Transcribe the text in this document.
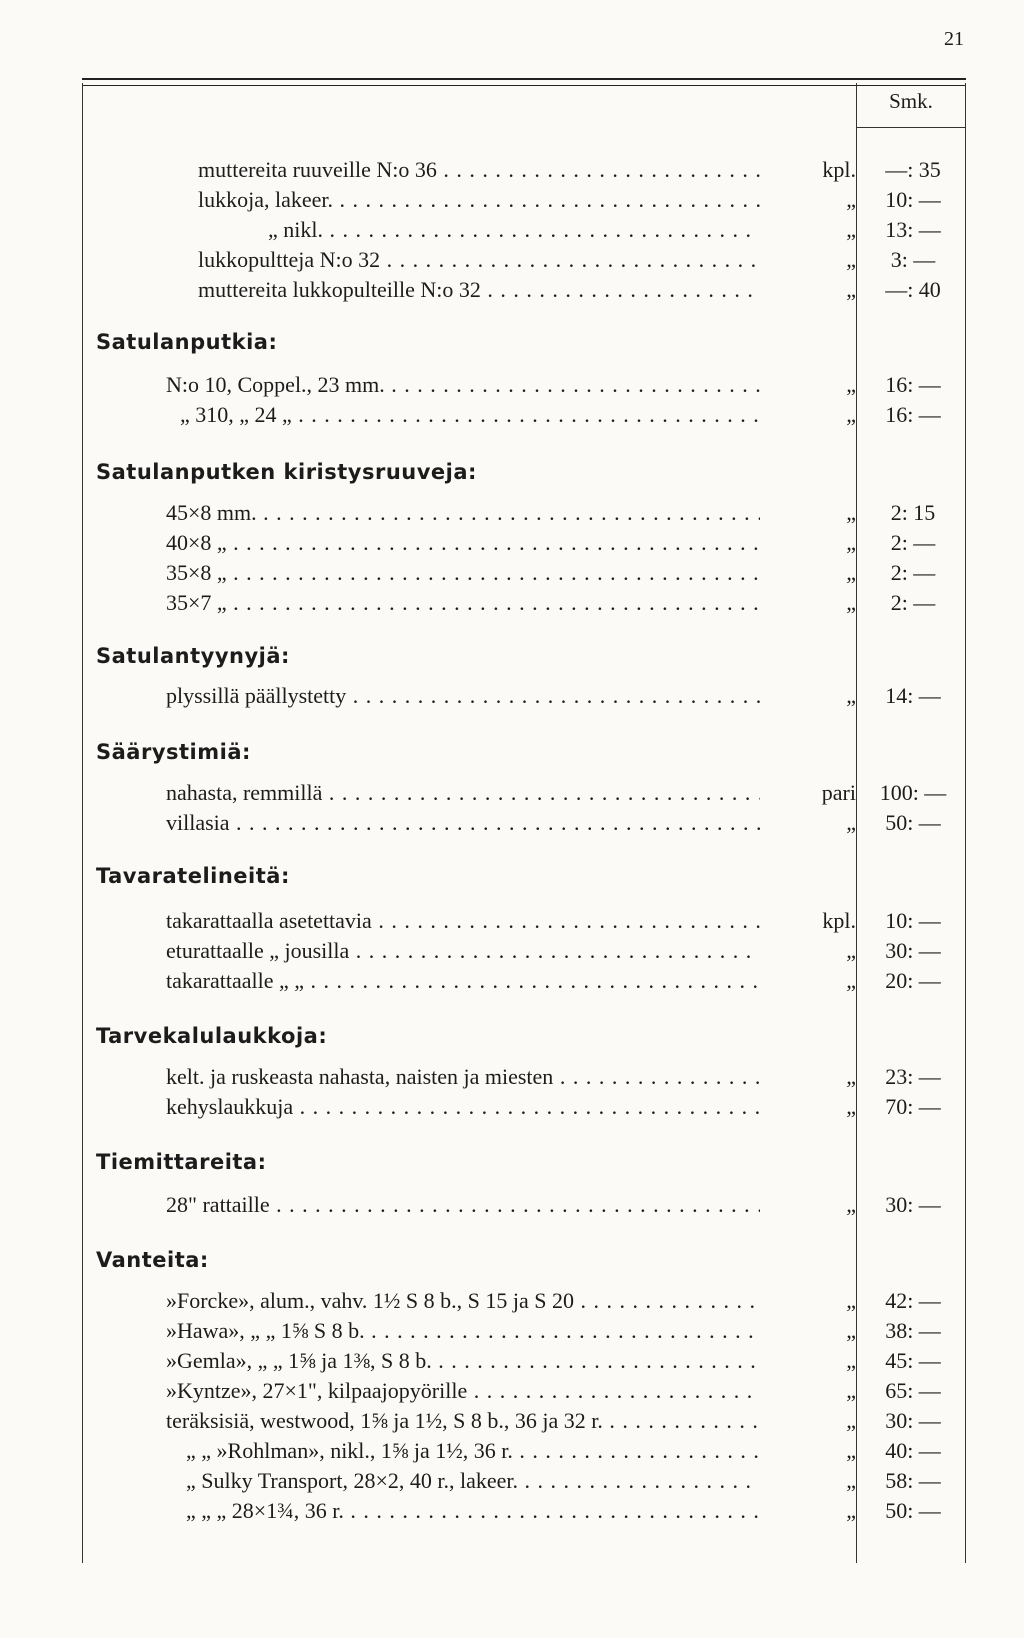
21
Smk.
muttereita ruuveille N:o 36 . . .	kpl.	—: 35
lukkoja, lakeer. . . .	„	10: —
„ nikl. . . .	„	13: —
lukkopultteja N:o 32 . . .	„	3: —
muttereita lukkopulteille N:o 32 . . .	„	—: 40
Satulanputkia:
N:o 10, Coppel., 23 mm. . . .	„	16: —
„ 310, „ 24 „ . . .	„	16: —
Satulanputken kiristysruuveja:
45×8 mm. . . .	„	2: 15
40×8 „ . . .	„	2: —
35×8 „ . . .	„	2: —
35×7 „ . . .	„	2: —
Satulantyynyjä:
plyssillä päällystetty . . .	„	14: —
Säärystimiä:
nahasta, remmillä . . .	pari	100: —
villasia . . .	„	50: —
Tavaratelineitä:
takarattaalla asetettavia . . .	kpl.	10: —
eturattaalle „ jousilla . . .	„	30: —
takarattaalle „ „ . . .	„	20: —
Tarvekalulaukkoja:
kelt. ja ruskeasta nahasta, naisten ja miesten . . .	„	23: —
kehyslaukkuja . . .	„	70: —
Tiemittareita:
28" rattaille . . .	„	30: —
Vanteita:
»Forcke», alum., vahv. 1½ S 8 b., S 15 ja S 20 . . .	„	42: —
»Hawa», „ „ 1⅝ S 8 b. . . .	„	38: —
»Gemla», „ „ 1⅝ ja 1⅜, S 8 b. . . .	„	45: —
»Kyntze», 27×1", kilpaajopyörille . . .	„	65: —
teräksisiä, westwood, 1⅝ ja 1½, S 8 b., 36 ja 32 r. . . .	„	30: —
„ „ »Rohlman», nikl., 1⅝ ja 1½, 36 r. . . .	„	40: —
„ Sulky Transport, 28×2, 40 r., lakeer. . . .	„	58: —
„ „ „ 28×1¾, 36 r. . . .	„	50: —
